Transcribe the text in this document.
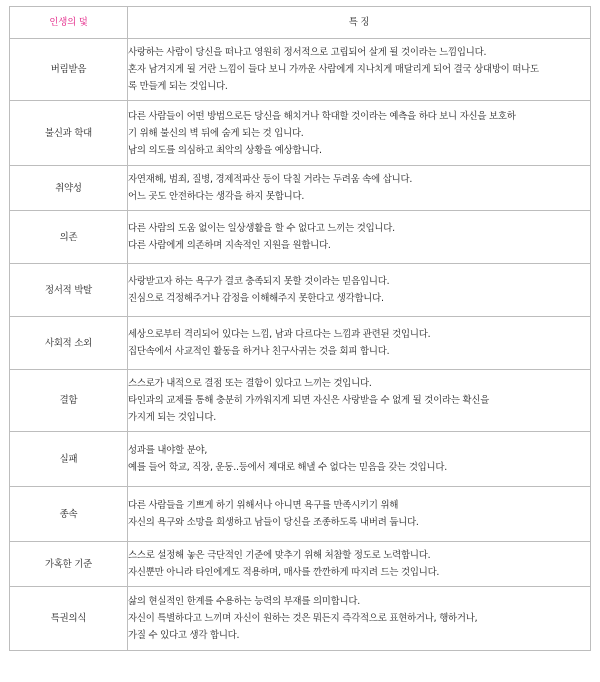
인생의 덫	특 징
버림받음	사랑하는 사람이 당신을 떠나고 영원히 정서적으로 고립되어 살게 될 것이라는 느낌입니다.
혼자 남겨지게 될 거란 느낌이 들다 보니 가까운 사람에게 지나치게 매달리게 되어 결국 상대방이 떠나도
록 만들게 되는 것입니다.

불신과 학대	다른 사람들이 어떤 방법으로든 당신을 해치거나 학대할 것이라는 예측을 하다 보니 자신을 보호하
기 위해 불신의 벽 뒤에 숨게 되는 것 입니다.
남의 의도를 의심하고 최악의 상황을 예상합니다.

취약성	자연재해, 범죄, 질병, 경제적파산 등이 닥칠 거라는 두려움 속에 삽니다.
어느 곳도 안전하다는 생각을 하지 못합니다.

의존	다른 사람의 도움 없이는 일상생활을 할 수 없다고 느끼는 것입니다.
다른 사람에게 의존하며 지속적인 지원을 원합니다.

정서적 박탈	사랑받고자 하는 욕구가 결코 충족되지 못할 것이라는 믿음입니다.
진심으로 걱정해주거나 감정을 이해해주지 못한다고 생각합니다.

사회적 소외	세상으로부터 격리되어 있다는 느낌, 남과 다르다는 느낌과 관련된 것입니다.
집단속에서 사교적인 활동을 하거나 친구사귀는 것을 회피 합니다.

결함	스스로가 내적으로 결점 또는 결함이 있다고 느끼는 것입니다.
타인과의 교제를 통해 충분히 가까워지게 되면 자신은 사랑받을 수 없게 될 것이라는 확신을
가지게 되는 것입니다.

실패	성과를 내야할 분야,
예를 들어 학교, 직장, 운동..등에서 제대로 해낼 수 없다는 믿음을 갖는 것입니다.

종속	다른 사람들을 기쁘게 하기 위해서나 아니면 욕구를 만족시키기 위해
자신의 욕구와 소망을 희생하고 남들이 당신을 조종하도록 내버려 둡니다.

가혹한 기준	스스로 설정해 놓은 극단적인 기준에 맞추기 위해 처참할 정도로 노력합니다.
자신뿐만 아니라 타인에게도 적용하며, 매사를 깐깐하게 따지려 드는 것입니다.

특권의식	삶의 현실적인 한계를 수용하는 능력의 부재를 의미합니다.
자신이 특별하다고 느끼며 자신이 원하는 것은 뭐든지 즉각적으로 표현하거나, 행하거나,
가질 수 있다고 생각 합니다.
